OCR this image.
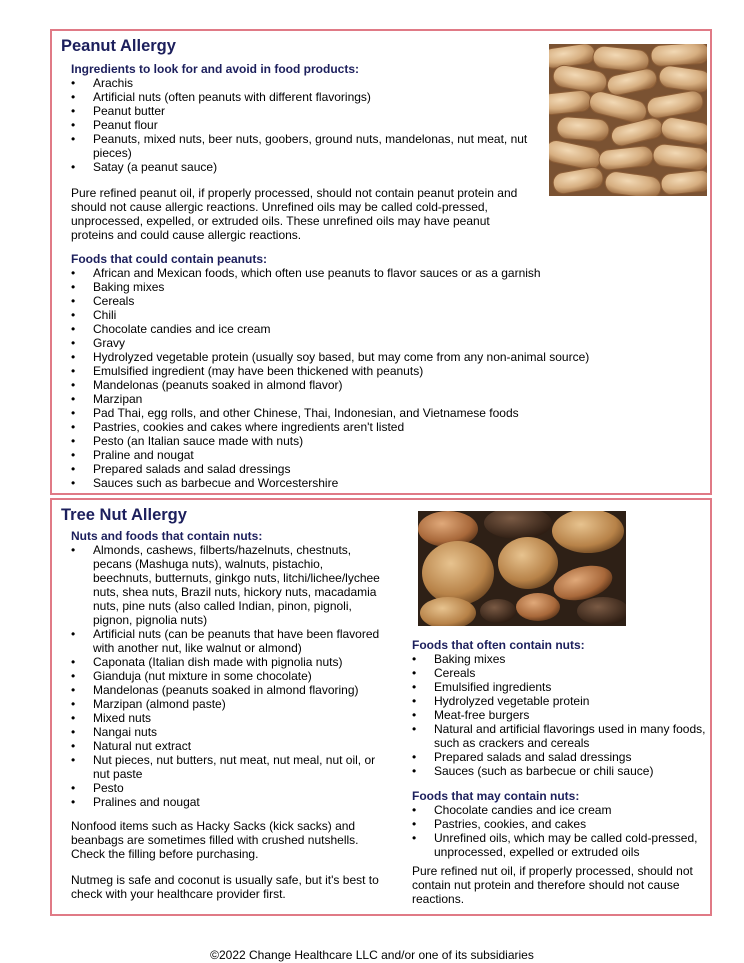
Peanut Allergy
Ingredients to look for and avoid in food products:
• Arachis
• Artificial nuts (often peanuts with different flavorings)
• Peanut butter
• Peanut flour
• Peanuts, mixed nuts, beer nuts, goobers, ground nuts, mandelonas, nut meat, nut pieces)
• Satay (a peanut sauce)

Pure refined peanut oil, if properly processed, should not contain peanut protein and should not cause allergic reactions. Unrefined oils may be called cold-pressed, unprocessed, expelled, or extruded oils. These unrefined oils may have peanut proteins and could cause allergic reactions.

Foods that could contain peanuts:
• African and Mexican foods, which often use peanuts to flavor sauces or as a garnish
• Baking mixes
• Cereals
• Chili
• Chocolate candies and ice cream
• Gravy
• Hydrolyzed vegetable protein (usually soy based, but may come from any non-animal source)
• Emulsified ingredient (may have been thickened with peanuts)
• Mandelonas (peanuts soaked in almond flavor)
• Marzipan
• Pad Thai, egg rolls, and other Chinese, Thai, Indonesian, and Vietnamese foods
• Pastries, cookies and cakes where ingredients aren't listed
• Pesto (an Italian sauce made with nuts)
• Praline and nougat
• Prepared salads and salad dressings
• Sauces such as barbecue and Worcestershire
Tree Nut Allergy
Nuts and foods that contain nuts:
• Almonds, cashews, filberts/hazelnuts, chestnuts, pecans (Mashuga nuts), walnuts, pistachio, beechnuts, butternuts, ginkgo nuts, litchi/lichee/lychee nuts, shea nuts, Brazil nuts, hickory nuts, macadamia nuts, pine nuts (also called Indian, pinon, pignoli, pignon, pignolia nuts)
• Artificial nuts (can be peanuts that have been flavored with another nut, like walnut or almond)
• Caponata (Italian dish made with pignolia nuts)
• Gianduja (nut mixture in some chocolate)
• Mandelonas (peanuts soaked in almond flavoring)
• Marzipan (almond paste)
• Mixed nuts
• Nangai nuts
• Natural nut extract
• Nut pieces, nut butters, nut meat, nut meal, nut oil, or nut paste
• Pesto
• Pralines and nougat

Nonfood items such as Hacky Sacks (kick sacks) and beanbags are sometimes filled with crushed nutshells. Check the filling before purchasing.

Nutmeg is safe and coconut is usually safe, but it's best to check with your healthcare provider first.

Foods that often contain nuts:
• Baking mixes
• Cereals
• Emulsified ingredients
• Hydrolyzed vegetable protein
• Meat-free burgers
• Natural and artificial flavorings used in many foods, such as crackers and cereals
• Prepared salads and salad dressings
• Sauces (such as barbecue or chili sauce)
Foods that may contain nuts:
• Chocolate candies and ice cream
• Pastries, cookies, and cakes
• Unrefined oils, which may be called cold-pressed, unprocessed, expelled or extruded oils

Pure refined nut oil, if properly processed, should not contain nut protein and therefore should not cause reactions.

©2022 Change Healthcare LLC and/or one of its subsidiaries
